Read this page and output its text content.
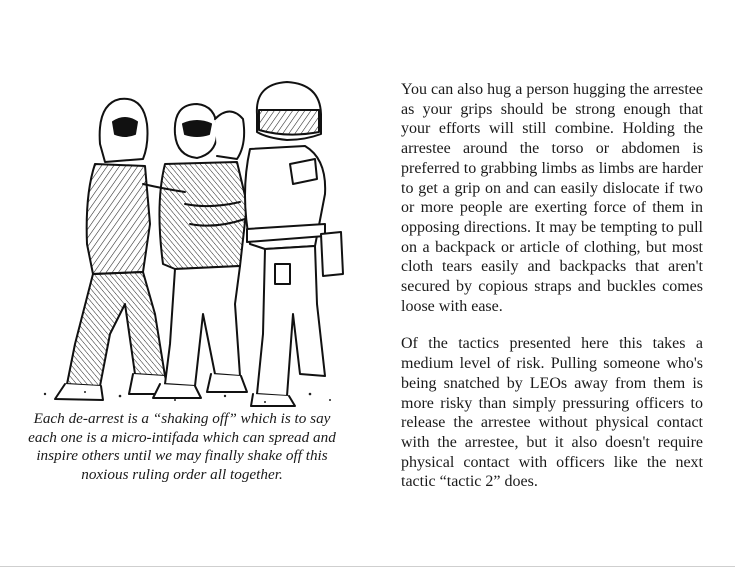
Each de-arrest is a “shaking off” which is to say each one is a micro-intifada which can spread and inspire others until we may finally shake off this noxious ruling order all together.

You can also hug a person hugging the arrestee as your grips should be strong enough that your efforts will still combine. Holding the arrestee around the torso or abdomen is preferred to grabbing limbs as limbs are harder to get a grip on and can easily dislocate if two or more people are exerting force of them in opposing directions. It may be tempting to pull on a backpack or article of clothing, but most cloth tears easily and backpacks that aren't secured by copious straps and buckles comes loose with ease.

Of the tactics presented here this takes a medium level of risk. Pulling someone who's being snatched by LEOs away from them is more risky than simply pressuring officers to release the arrestee without physical contact with the arrestee, but it also doesn't require physical contact with officers like the next tactic “tactic 2” does.
